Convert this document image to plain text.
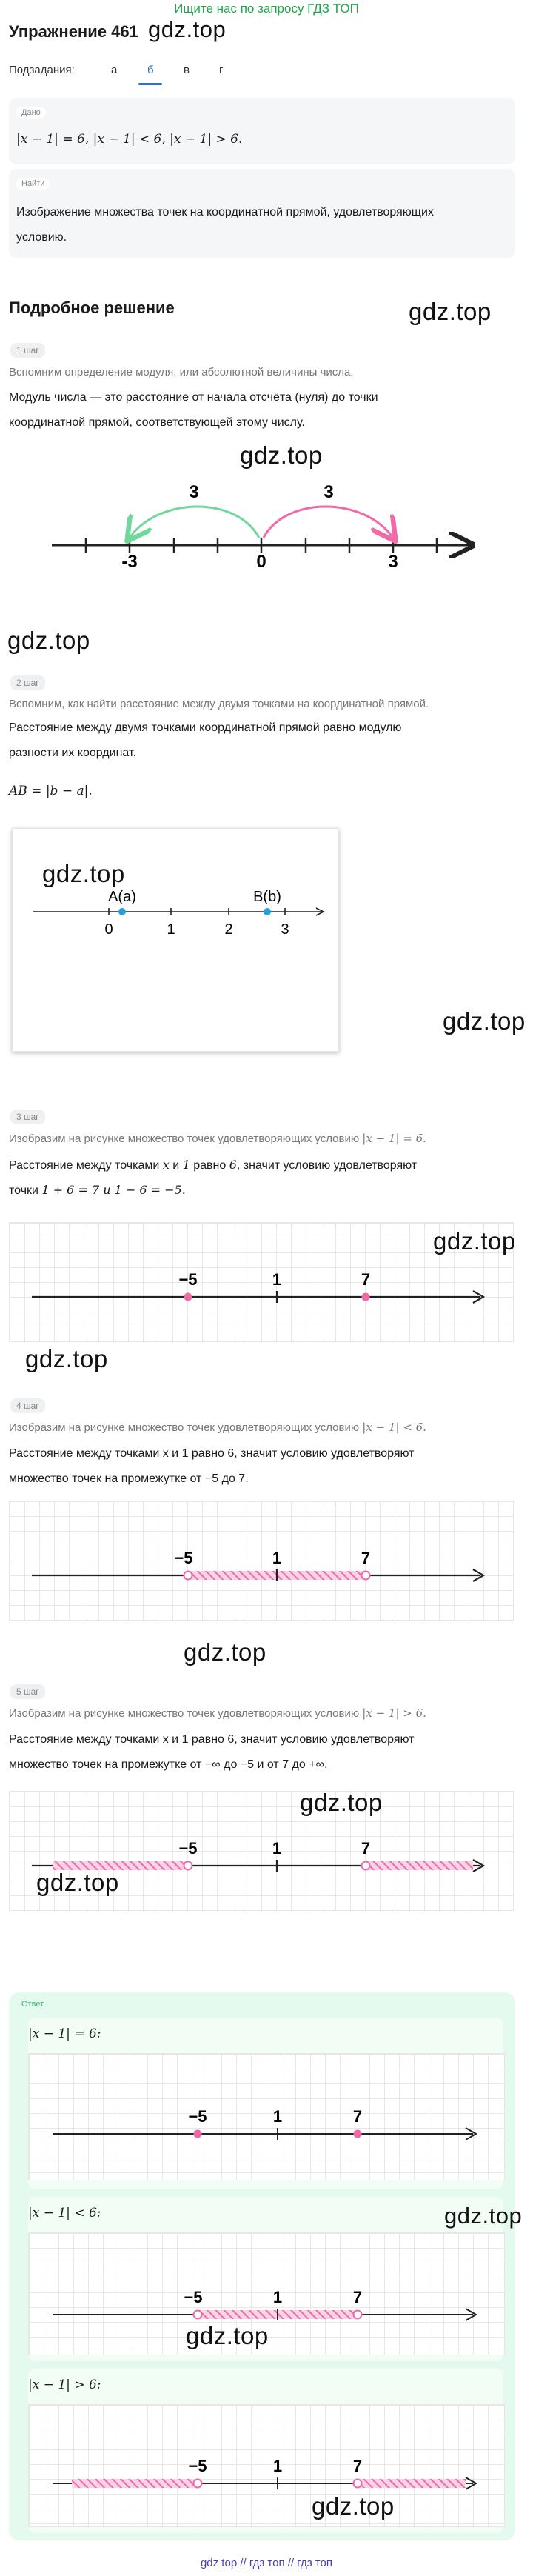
Ищите нас по запросу ГДЗ ТОП
Упражнение 461 gdz.top
Подзадания:	а	б	в	г
Дано
|x − 1| = 6, |x − 1| < 6, |x − 1| > 6.
Найти
Изображение множества точек на координатной прямой, удовлетворяющих
условию.
Подробное решение	gdz.top
1 шаг
Вспомним определение модуля, или абсолютной величины числа.
Модуль числа — это расстояние от начала отсчёта (нуля) до точки
координатной прямой, соответствующей этому числу.
gdz.top
3	3
-3	0	3
gdz.top
2 шаг
Вспомним, как найти расстояние между двумя точками на координатной прямой.
Расстояние между двумя точками координатной прямой равно модулю
разности их координат.
AB = |b − a|.
gdz.top
A(a)	B(b)
0	1	2	3
gdz.top
3 шаг
Изобразим на рисунке множество точек удовлетворяющих условию |x − 1| = 6.
Расстояние между точками x и 1 равно 6, значит условию удовлетворяют
точки 1 + 6 = 7 и 1 − 6 = −5.
−5	1	7
gdz.top
gdz.top
4 шаг
Изобразим на рисунке множество точек удовлетворяющих условию |x − 1| < 6.
Расстояние между точками x и 1 равно 6, значит условию удовлетворяют
множество точек на промежутке от −5 до 7.
−5	1	7
gdz.top
5 шаг
Изобразим на рисунке множество точек удовлетворяющих условию |x − 1| > 6.
Расстояние между точками x и 1 равно 6, значит условию удовлетворяют
множество точек на промежутке от −∞ до −5 и от 7 до +∞.
−5	1	7
gdz.top
gdz.top
Ответ
|x − 1| = 6:
−5	1	7
|x − 1| < 6:
−5	1	7
gdz.top
|x − 1| > 6:
−5	1	7
gdz.top
gdz.top
gdz top // гдз топ // гдз топ
